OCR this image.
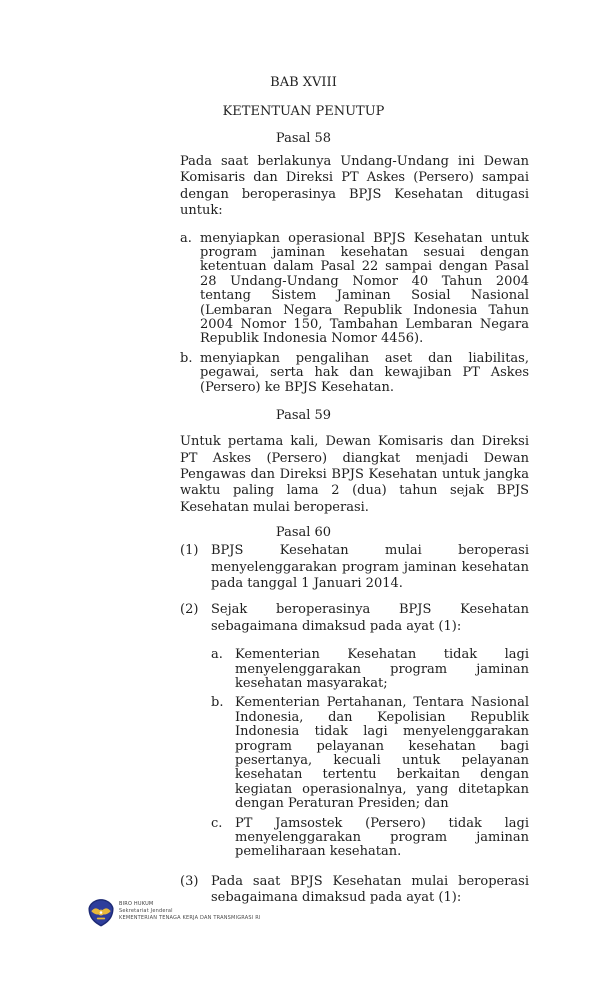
BAB XVIII
KETENTUAN PENUTUP
Pasal 58

Pada saat berlakunya Undang-Undang ini Dewan Komisaris dan Direksi PT Askes (Persero) sampai dengan beroperasinya BPJS Kesehatan ditugasi untuk:

a. menyiapkan operasional BPJS Kesehatan untuk program jaminan kesehatan sesuai dengan ketentuan dalam Pasal 22 sampai dengan Pasal 28 Undang-Undang Nomor 40 Tahun 2004 tentang Sistem Jaminan Sosial Nasional (Lembaran Negara Republik Indonesia Tahun 2004 Nomor 150, Tambahan Lembaran Negara Republik Indonesia Nomor 4456).
b. menyiapkan pengalihan aset dan liabilitas, pegawai, serta hak dan kewajiban PT Askes (Persero) ke BPJS Kesehatan.
Pasal 59

Untuk pertama kali, Dewan Komisaris dan Direksi PT Askes (Persero) diangkat menjadi Dewan Pengawas dan Direksi BPJS Kesehatan untuk jangka waktu paling lama 2 (dua) tahun sejak BPJS Kesehatan mulai beroperasi.

Pasal 60
(1) BPJS Kesehatan mulai beroperasi menyelenggarakan program jaminan kesehatan pada tanggal 1 Januari 2014.
(2) Sejak beroperasinya BPJS Kesehatan sebagaimana dimaksud pada ayat (1):
a. Kementerian Kesehatan tidak lagi menyelenggarakan program jaminan kesehatan masyarakat;
b. Kementerian Pertahanan, Tentara Nasional Indonesia, dan Kepolisian Republik Indonesia tidak lagi menyelenggarakan program pelayanan kesehatan bagi pesertanya, kecuali untuk pelayanan kesehatan tertentu berkaitan dengan kegiatan operasionalnya, yang ditetapkan dengan Peraturan Presiden; dan
c. PT Jamsostek (Persero) tidak lagi menyelenggarakan program jaminan pemeliharaan kesehatan.
(3) Pada saat BPJS Kesehatan mulai beroperasi sebagaimana dimaksud pada ayat (1):
BIRO HUKUM
Sekretariat Jenderal
KEMENTERIAN TENAGA KERJA DAN TRANSMIGRASI RI
